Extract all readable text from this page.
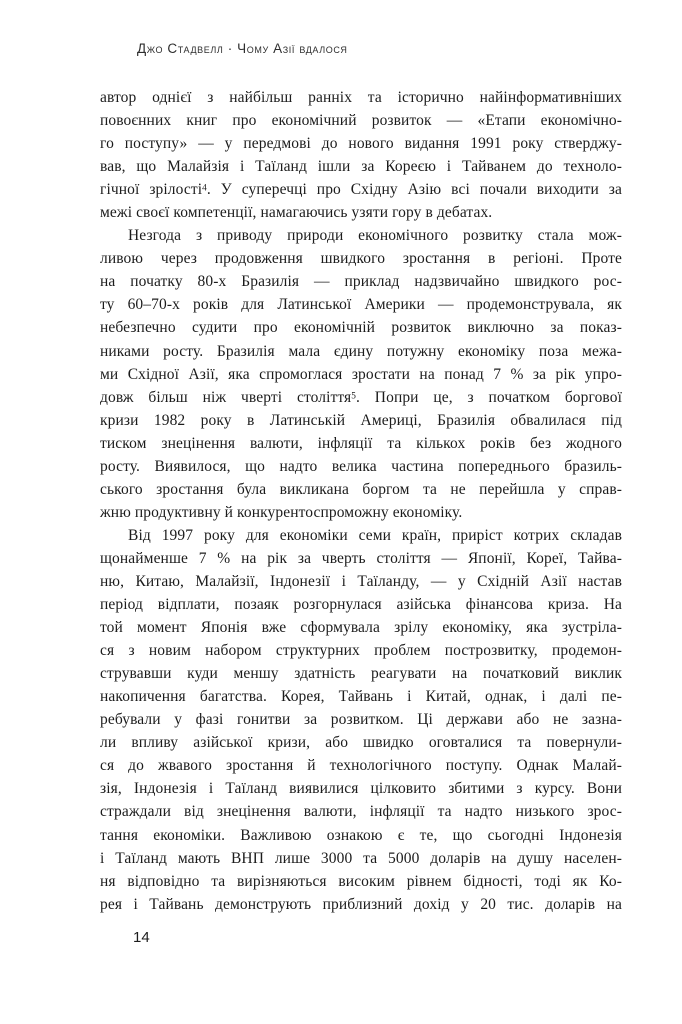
Джо Стадвелл · Чому Азії вдалося
автор однієї з найбільш ранніх та історично найінформативніших
повоєнних книг про економічний розвиток — «Етапи економічно-
го поступу» — у передмові до нового видання 1991 року стверджу-
вав, що Малайзія і Таїланд ішли за Кореєю і Тайванем до техноло-
гічної зрілості$^4$. У суперечці про Східну Азію всі почали виходити за
межі своєї компетенції, намагаючись узяти гору в дебатах.
Незгода з приводу природи економічного розвитку стала мож-
ливою через продовження швидкого зростання в регіоні. Проте
на початку 80-х Бразилія — приклад надзвичайно швидкого рос-
ту 60–70-х років для Латинської Америки — продемонструвала, як
небезпечно судити про економічній розвиток виключно за показ-
никами росту. Бразилія мала єдину потужну економіку поза межа-
ми Східної Азії, яка спромоглася зростати на понад 7 % за рік упро-
довж більш ніж чверті століття$^5$. Попри це, з початком боргової
кризи 1982 року в Латинській Америці, Бразилія обвалилася під
тиском знецінення валюти, інфляції та кількох років без жодного
росту. Виявилося, що надто велика частина попереднього бразиль-
ського зростання була викликана боргом та не перейшла у справ-
жню продуктивну й конкурентоспроможну економіку.
Від 1997 року для економіки семи країн, приріст котрих складав
щонайменше 7 % на рік за чверть століття — Японії, Кореї, Тайва-
ню, Китаю, Малайзії, Індонезії і Таїланду, — у Східній Азії настав
період відплати, позаяк розгорнулася азійська фінансова криза. На
той момент Японія вже сформувала зрілу економіку, яка зустріла-
ся з новим набором структурних проблем построзвитку, продемон-
струвавши куди меншу здатність реагувати на початковий виклик
накопичення багатства. Корея, Тайвань і Китай, однак, і далі пе-
ребували у фазі гонитви за розвитком. Ці держави або не зазна-
ли впливу азійської кризи, або швидко оговталися та повернули-
ся до жвавого зростання й технологічного поступу. Однак Малай-
зія, Індонезія і Таїланд виявилися цілковито збитими з курсу. Вони
страждали від знецінення валюти, інфляції та надто низького зрос-
тання економіки. Важливою ознакою є те, що сьогодні Індонезія
і Таїланд мають ВНП лише 3000 та 5000 доларів на душу населен-
ня відповідно та вирізняються високим рівнем бідності, тоді як Ко-
рея і Тайвань демонструють приблизний дохід у 20 тис. доларів на
14
